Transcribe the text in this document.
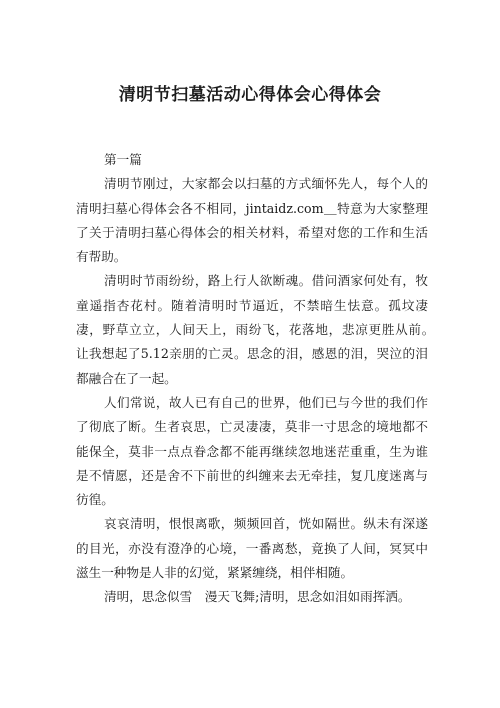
清明节扫墓活动心得体会心得体会

第一篇

清明节刚过，大家都会以扫墓的方式缅怀先人，每个人的清明扫墓心得体会各不相同，jintaidz.com＿特意为大家整理了关于清明扫墓心得体会的相关材料，希望对您的工作和生活有帮助。

清明时节雨纷纷，路上行人欲断魂。借问酒家何处有，牧童遥指杏花村。随着清明时节逼近，不禁暗生怯意。孤坟凄凄，野草立立，人间天上，雨纷飞，花落地，悲凉更胜从前。　让我想起了5.12亲朋的亡灵。思念的泪，感恩的泪，哭泣的泪都融合在了一起。

人们常说，故人已有自己的世界，他们已与今世的我们作了彻底了断。生者哀思，亡灵凄凄，莫非一寸思念的境地都不能保全，莫非一点点眷念都不能再继续忽地迷茫重重，生为谁是不情愿，还是舍不下前世的纠缠来去无牵挂，复几度迷离与彷徨。

哀哀清明，恨恨离歌，频频回首，恍如隔世。纵未有深遂的目光，亦没有澄净的心境，一番离愁，竟换了人间，冥冥中滋生一种物是人非的幻觉，紧紧缠绕，相伴相随。

清明，思念似雪　漫天飞舞;清明，思念如泪如雨挥洒。
